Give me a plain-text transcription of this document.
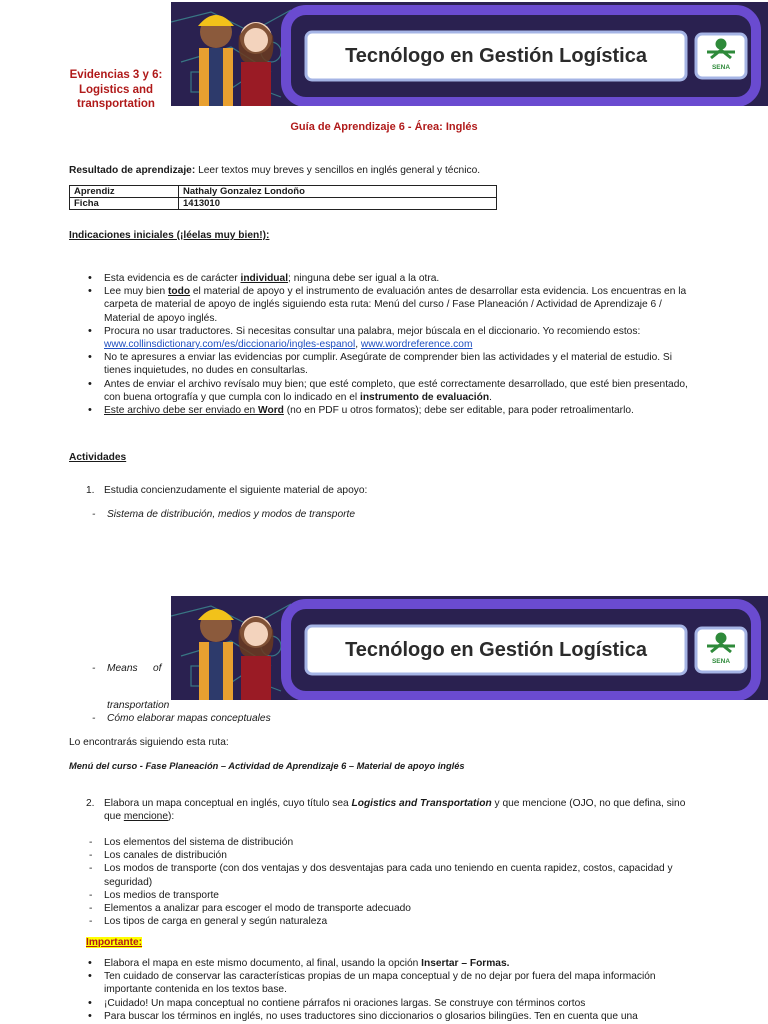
Evidencias 3 y 6:
Logistics and
transportation
Tecnólogo en Gestión Logística
SENA
Guía de Aprendizaje 6 - Área: Inglés
Resultado de aprendizaje: Leer textos muy breves y sencillos en inglés general y técnico.
Aprendiz	Nathaly Gonzalez Londoño
Ficha	1413010
Indicaciones iniciales (¡léelas muy bien!):
• Esta evidencia es de carácter individual; ninguna debe ser igual a la otra.
• Lee muy bien todo el material de apoyo y el instrumento de evaluación antes de desarrollar esta evidencia. Los encuentras en la carpeta de material de apoyo de inglés siguiendo esta ruta: Menú del curso / Fase Planeación / Actividad de Aprendizaje 6 / Material de apoyo inglés.
• Procura no usar traductores. Si necesitas consultar una palabra, mejor búscala en el diccionario. Yo recomiendo estos: www.collinsdictionary.com/es/diccionario/ingles-espanol, www.wordreference.com
• No te apresures a enviar las evidencias por cumplir. Asegúrate de comprender bien las actividades y el material de estudio. Si tienes inquietudes, no dudes en consultarlas.
• Antes de enviar el archivo revísalo muy bien; que esté completo, que esté correctamente desarrollado, que esté bien presentado, con buena ortografía y que cumpla con lo indicado en el instrumento de evaluación.
• Este archivo debe ser enviado en Word (no en PDF u otros formatos); debe ser editable, para poder retroalimentarlo.
Actividades
1. Estudia concienzudamente el siguiente material de apoyo:
- Sistema de distribución, medios y modos de transporte
Tecnólogo en Gestión Logística
SENA
- Means of
transportation
- Cómo elaborar mapas conceptuales
Lo encontrarás siguiendo esta ruta:
Menú del curso - Fase Planeación – Actividad de Aprendizaje 6 – Material de apoyo inglés
2. Elabora un mapa conceptual en inglés, cuyo título sea Logistics and Transportation y que mencione (OJO, no que defina, sino que mencione):
- Los elementos del sistema de distribución
- Los canales de distribución
- Los modos de transporte (con dos ventajas y dos desventajas para cada uno teniendo en cuenta rapidez, costos, capacidad y seguridad)
- Los medios de transporte
- Elementos a analizar para escoger el modo de transporte adecuado
- Los tipos de carga en general y según naturaleza
Importante:
• Elabora el mapa en este mismo documento, al final, usando la opción Insertar – Formas.
• Ten cuidado de conservar las características propias de un mapa conceptual y de no dejar por fuera del mapa información importante contenida en los textos base.
• ¡Cuidado! Un mapa conceptual no contiene párrafos ni oraciones largas. Se construye con términos cortos
• Para buscar los términos en inglés, no uses traductores sino diccionarios o glosarios bilingües. Ten en cuenta que una
